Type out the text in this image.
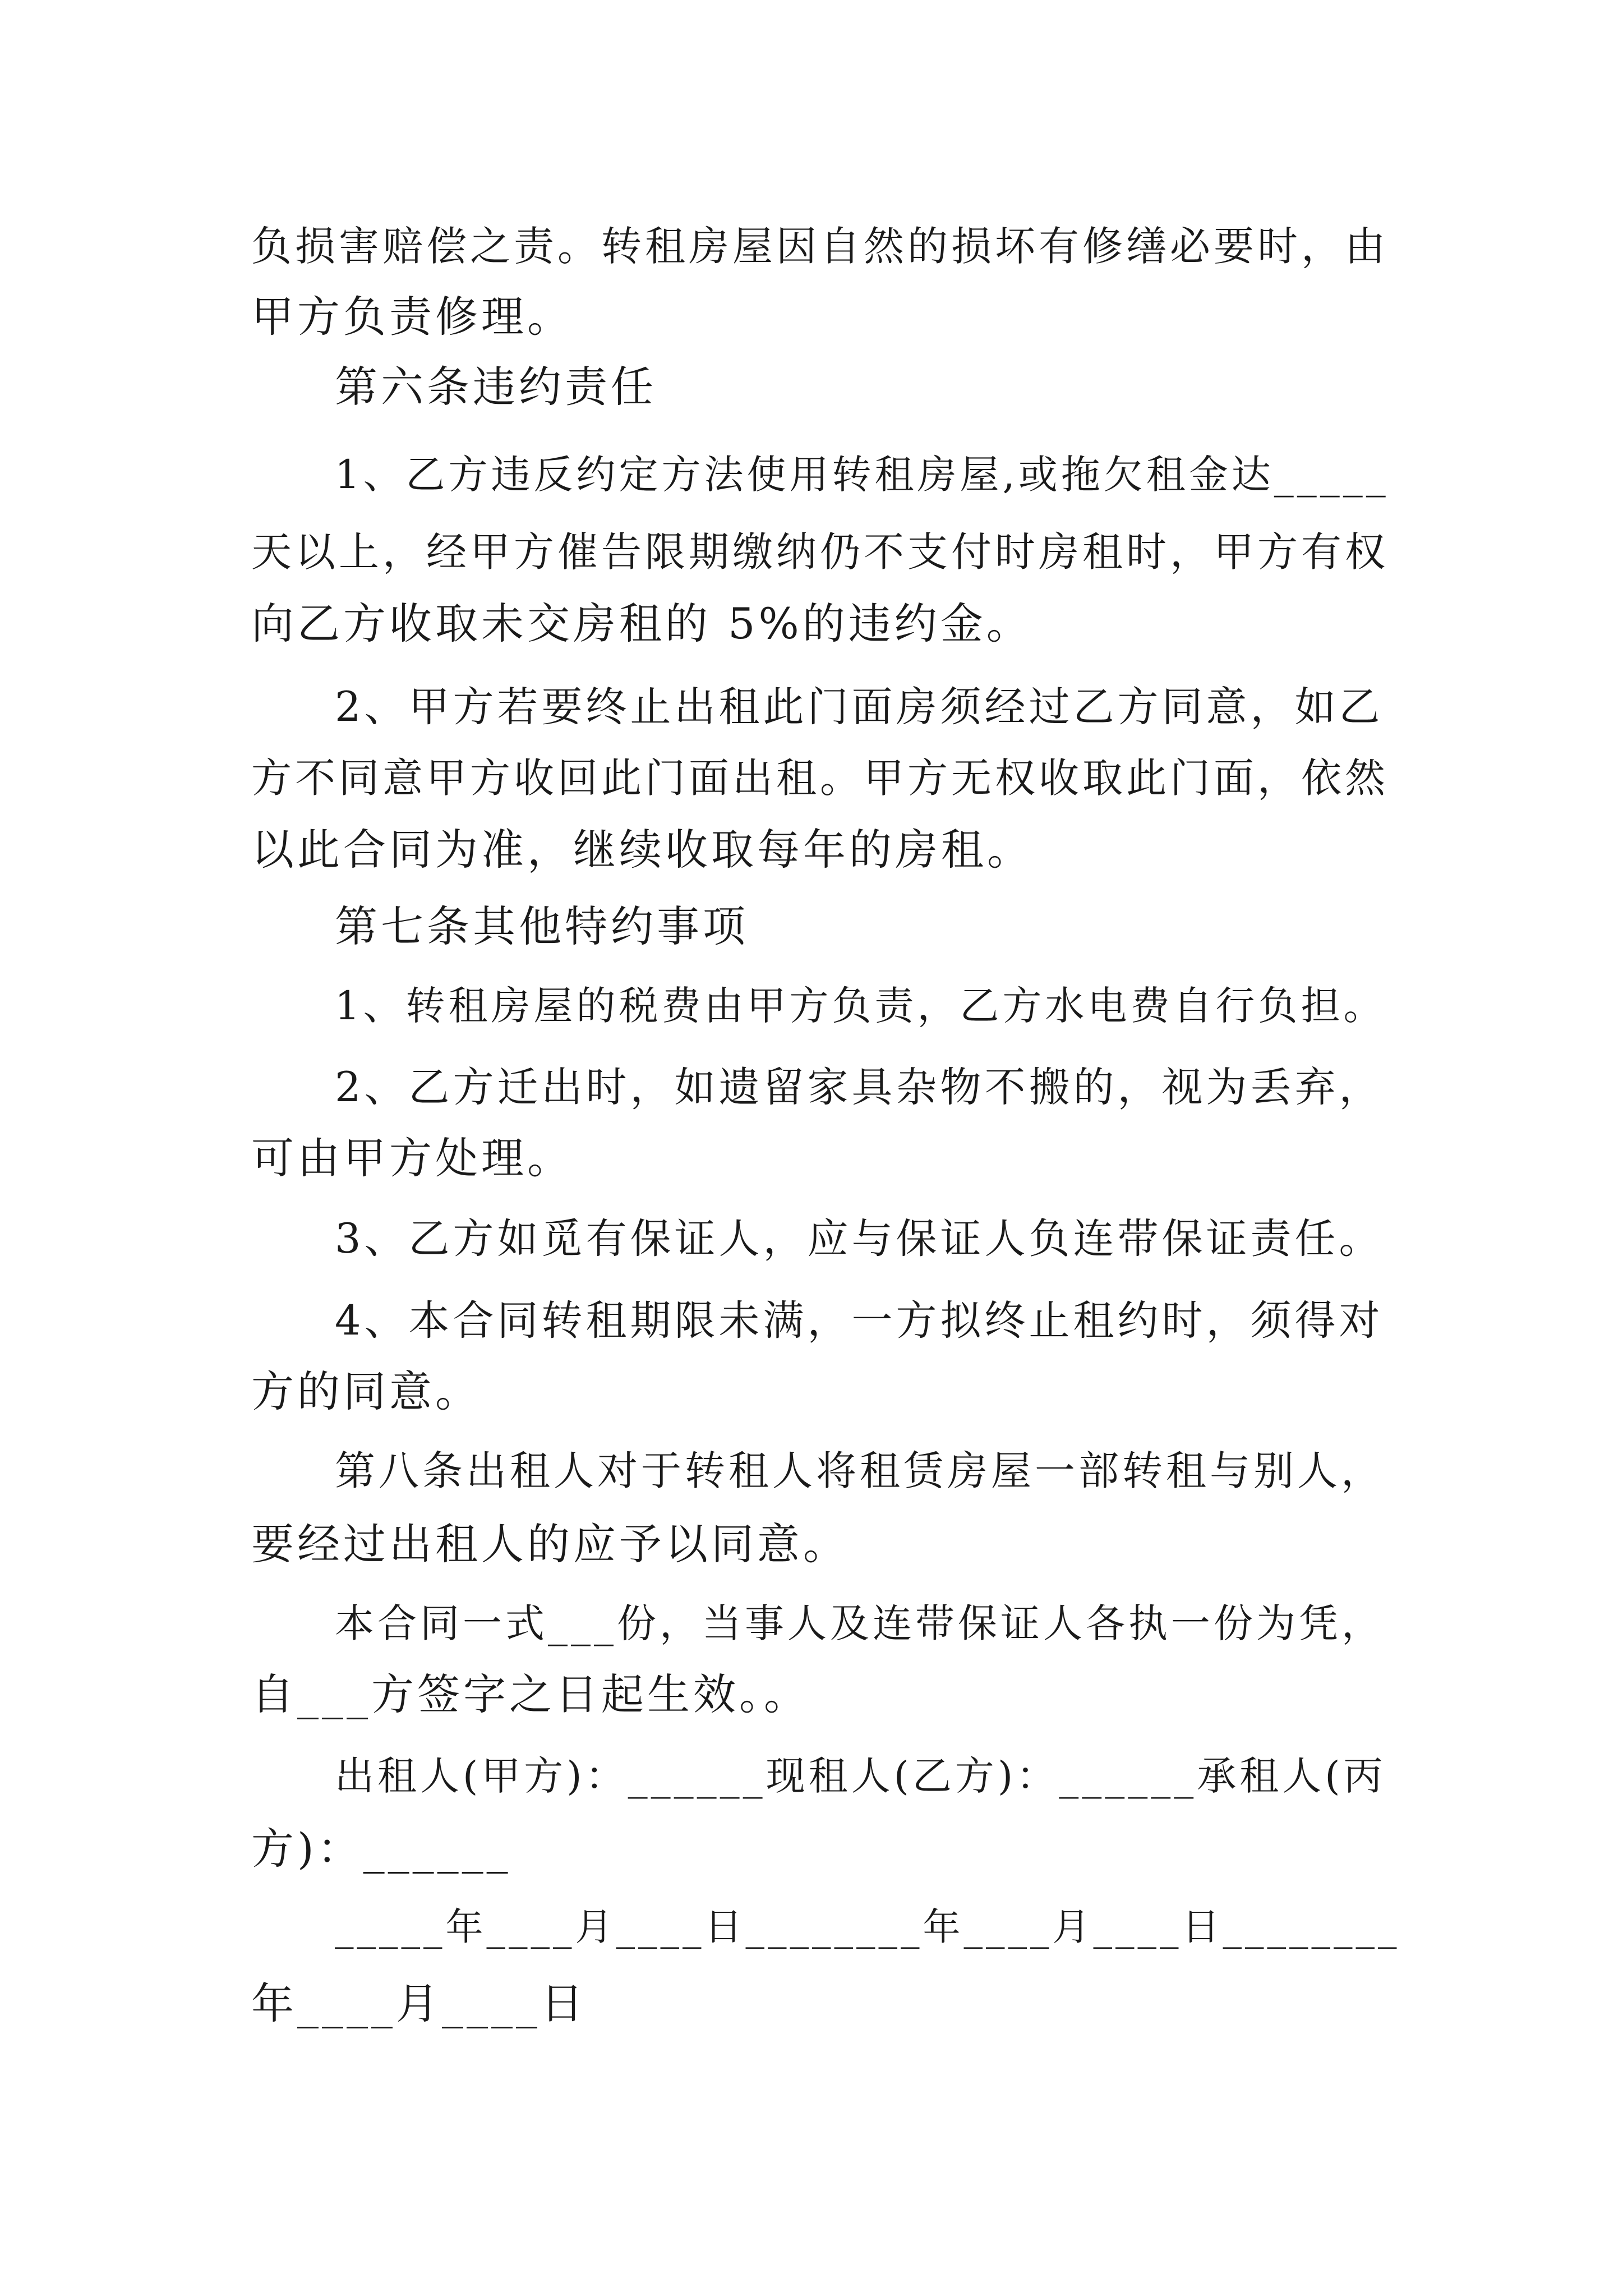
负损害赔偿之责。转租房屋因自然的损坏有修缮必要时，由
甲方负责修理。
第六条违约责任
1、乙方违反约定方法使用转租房屋,或拖欠租金达_____
天以上，经甲方催告限期缴纳仍不支付时房租时，甲方有权
向乙方收取未交房租的 5%的违约金。
2、甲方若要终止出租此门面房须经过乙方同意，如乙
方不同意甲方收回此门面出租。甲方无权收取此门面，依然
以此合同为准，继续收取每年的房租。
第七条其他特约事项
1、转租房屋的税费由甲方负责，乙方水电费自行负担。
2、乙方迁出时，如遗留家具杂物不搬的，视为丢弃，
可由甲方处理。
3、乙方如觅有保证人，应与保证人负连带保证责任。
4、本合同转租期限未满，一方拟终止租约时，须得对
方的同意。
第八条出租人对于转租人将租赁房屋一部转租与别人，
要经过出租人的应予以同意。
本合同一式___份，当事人及连带保证人各执一份为凭，
自___方签字之日起生效。。
出租人(甲方)：______现租人(乙方)：______承租人(丙
方)：______
_____年____月____日________年____月____日________
年____月____日
